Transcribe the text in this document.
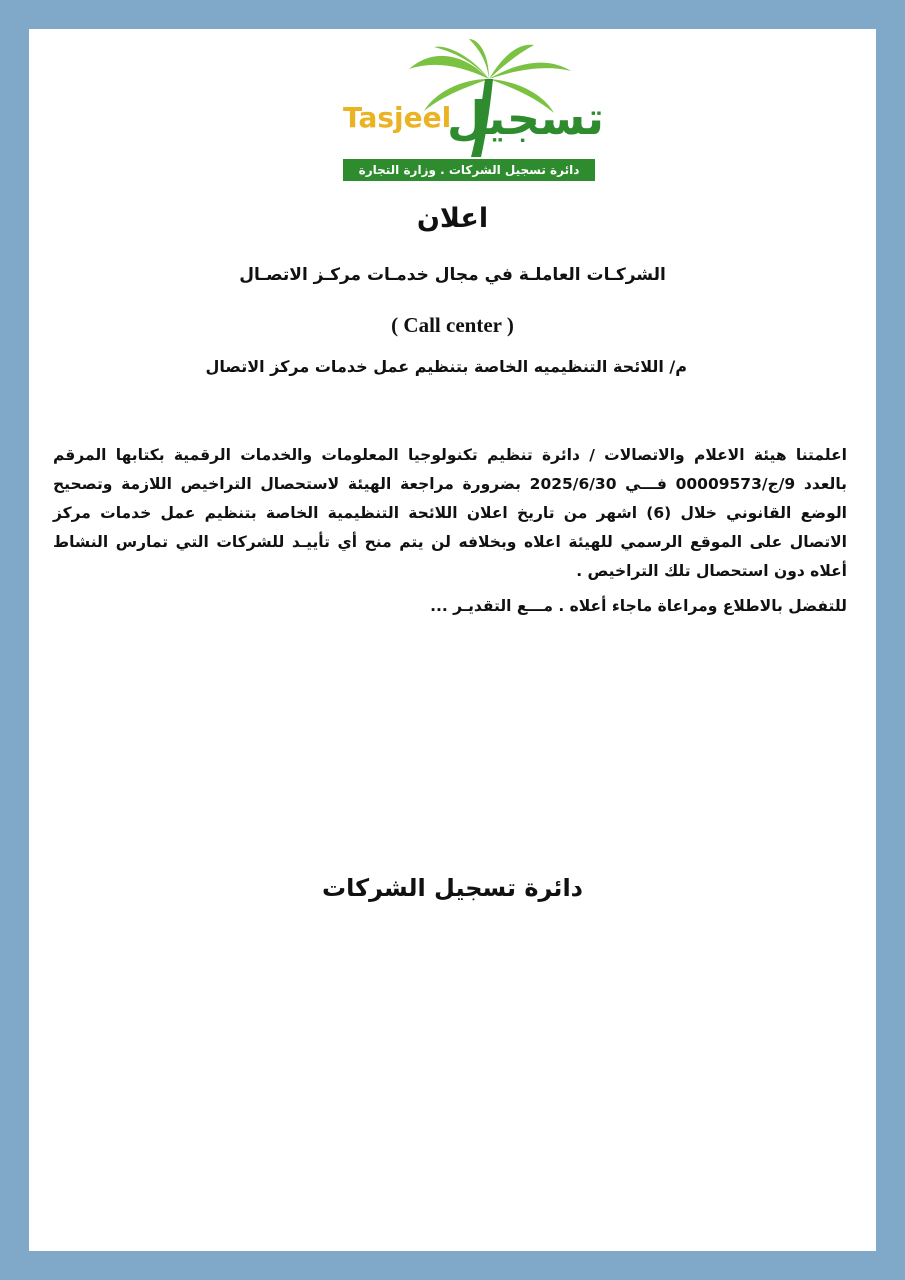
Tasjeel
تسجيل
دائرة تسجيل الشركات . وزارة التجارة
اعلان
الشركـات العاملـة في مجال خدمـات مركـز الاتصـال
( Call center )
م/ اللائحة التنظيميه الخاصة بتنظيم عمل خدمات مركز الاتصال
اعلمتنا هيئة الاعلام والاتصالات / دائرة تنظيم تكنولوجيا المعلومات والخدمات الرقمية بكتابها المرقم بالعدد 9/ج/00009573 فـــي 2025/6/30 بضرورة مراجعة الهيئة لاستحصال التراخيص اللازمة وتصحيح الوضع القانوني خلال (6) اشهر من تاريخ اعلان اللائحة التنظيمية الخاصة بتنظيم عمل خدمات مركز الاتصال على الموقع الرسمي للهيئة اعلاه وبخلافه لن يتم منح أي تأييـد للشركات التي تمارس النشاط أعلاه دون استحصال تلك التراخيص .
للتفضل بالاطلاع ومراعاة ماجاء أعلاه . مـــع التقديـر ...
دائرة تسجيل الشركات
